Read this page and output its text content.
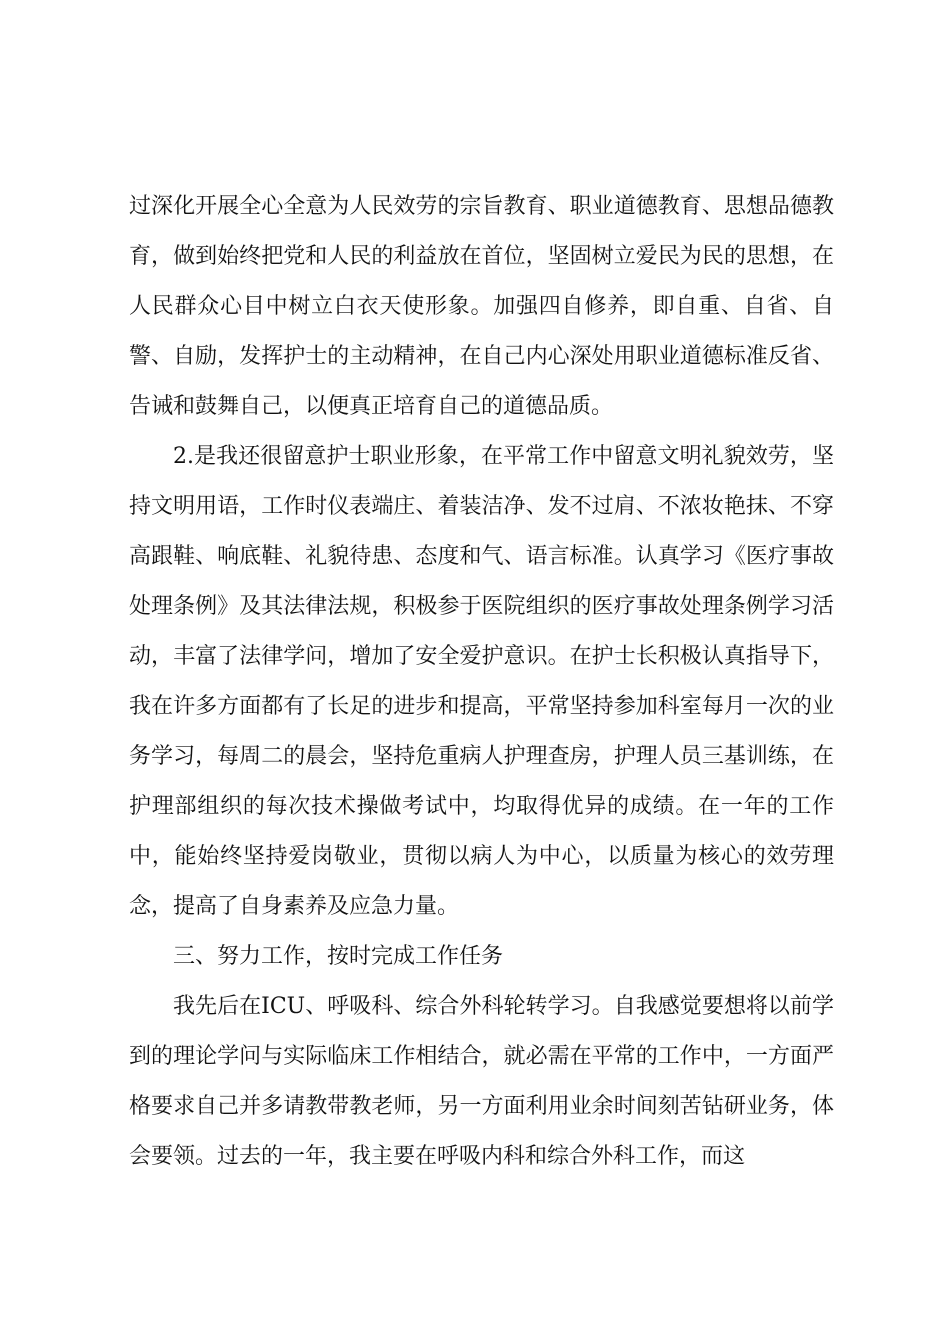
过深化开展全心全意为人民效劳的宗旨教育、职业道德教育、思想品德教育，做到始终把党和人民的利益放在首位，坚固树立爱民为民的思想，在人民群众心目中树立白衣天使形象。加强四自修养，即自重、自省、自警、自励，发挥护士的主动精神，在自己内心深处用职业道德标准反省、告诫和鼓舞自己，以便真正培育自己的道德品质。

2.是我还很留意护士职业形象，在平常工作中留意文明礼貌效劳，坚持文明用语，工作时仪表端庄、着装洁净、发不过肩、不浓妆艳抹、不穿高跟鞋、响底鞋、礼貌待患、态度和气、语言标准。认真学习《医疗事故处理条例》及其法律法规，积极参于医院组织的医疗事故处理条例学习活动，丰富了法律学问，增加了安全爱护意识。在护士长积极认真指导下，我在许多方面都有了长足的进步和提高，平常坚持参加科室每月一次的业务学习，每周二的晨会，坚持危重病人护理查房，护理人员三基训练，在护理部组织的每次技术操做考试中，均取得优异的成绩。在一年的工作中，能始终坚持爱岗敬业，贯彻以病人为中心，以质量为核心的效劳理念，提高了自身素养及应急力量。

三、努力工作，按时完成工作任务

我先后在ICU、呼吸科、综合外科轮转学习。自我感觉要想将以前学到的理论学问与实际临床工作相结合，就必需在平常的工作中，一方面严格要求自己并多请教带教老师，另一方面利用业余时间刻苦钻研业务，体会要领。过去的一年，我主要在呼吸内科和综合外科工作，而这
